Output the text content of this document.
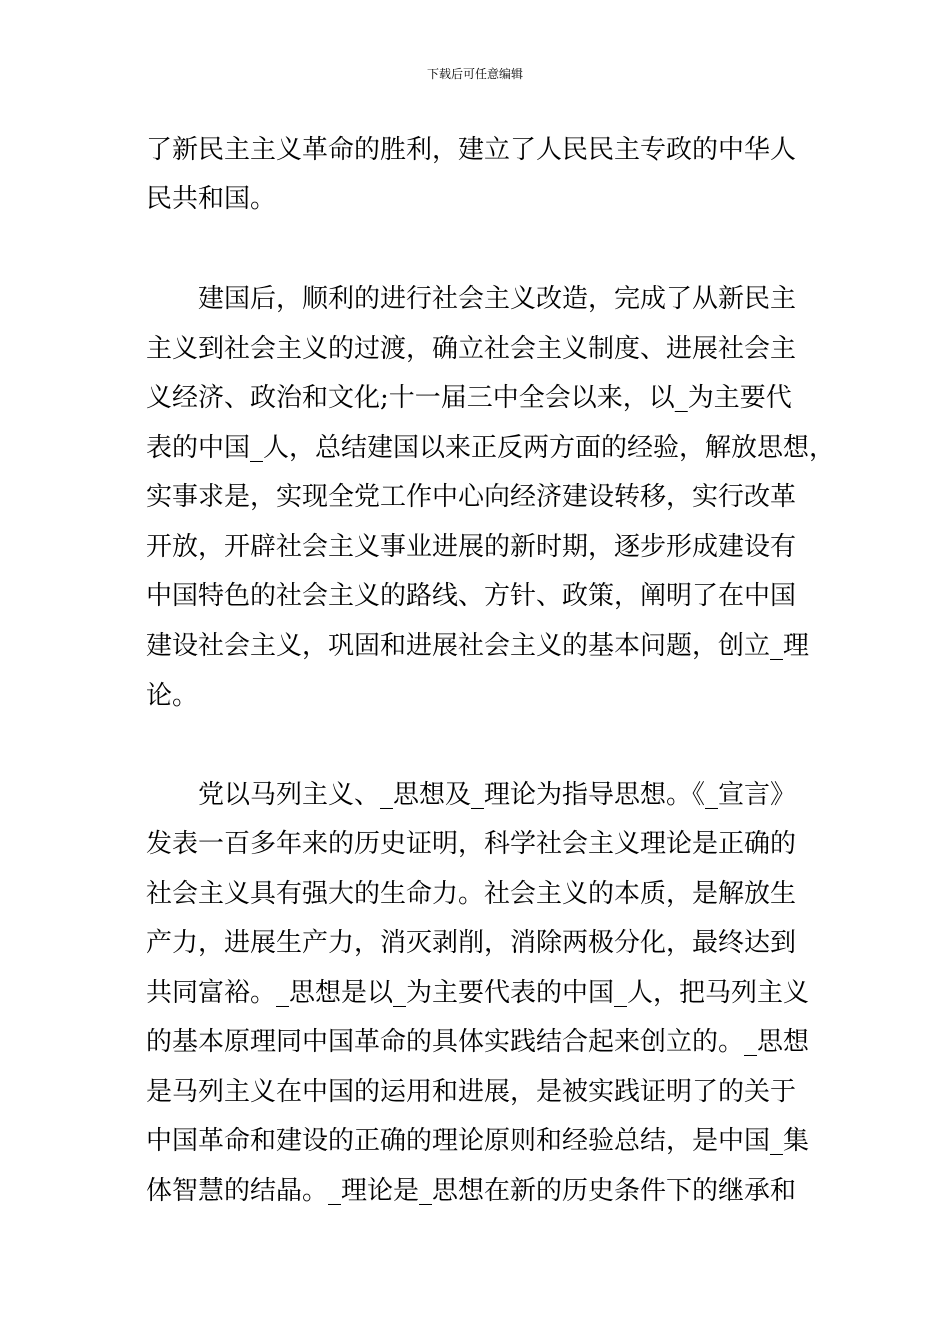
下载后可任意编辑

了新民主主义革命的胜利，建立了人民民主专政的中华人

民共和国。

建国后，顺利的进行社会主义改造，完成了从新民主

主义到社会主义的过渡，确立社会主义制度、进展社会主

义经济、政治和文化;十一届三中全会以来，以_为主要代

表的中国_人，总结建国以来正反两方面的经验，解放思想，

实事求是，实现全党工作中心向经济建设转移，实行改革

开放，开辟社会主义事业进展的新时期，逐步形成建设有

中国特色的社会主义的路线、方针、政策，阐明了在中国

建设社会主义，巩固和进展社会主义的基本问题，创立_理

论。

党以马列主义、_思想及_理论为指导思想。《_宣言》

发表一百多年来的历史证明，科学社会主义理论是正确的

社会主义具有强大的生命力。社会主义的本质，是解放生

产力，进展生产力，消灭剥削，消除两极分化，最终达到

共同富裕。_思想是以_为主要代表的中国_人，把马列主义

的基本原理同中国革命的具体实践结合起来创立的。_思想

是马列主义在中国的运用和进展，是被实践证明了的关于

中国革命和建设的正确的理论原则和经验总结，是中国_集

体智慧的结晶。_理论是_思想在新的历史条件下的继承和
